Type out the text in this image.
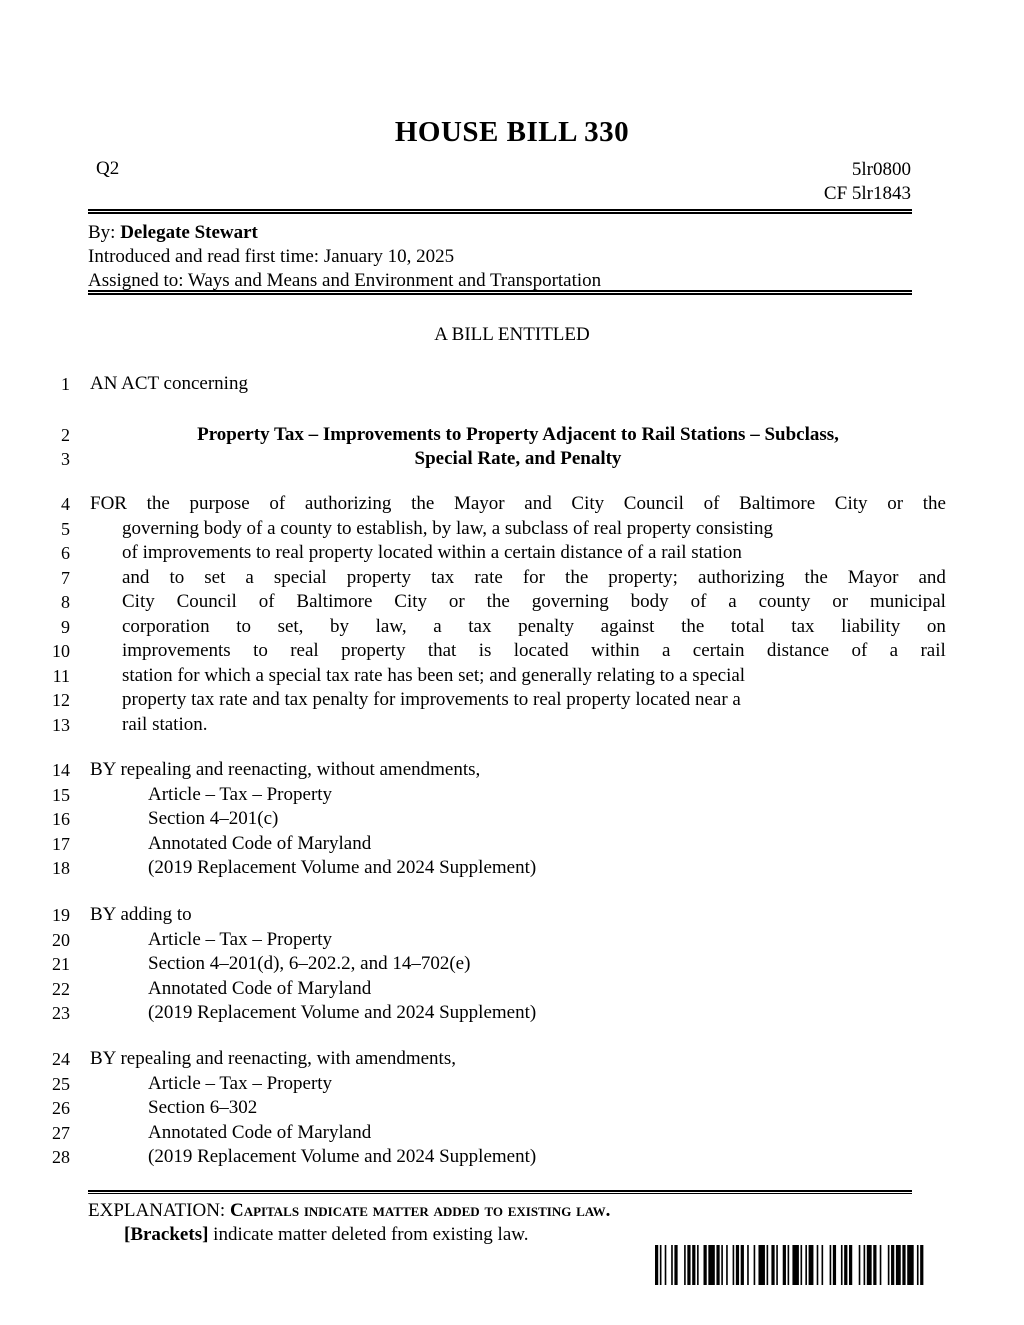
HOUSE BILL 330
Q2	5lr0800
CF 5lr1843
By: Delegate Stewart
Introduced and read first time: January 10, 2025
Assigned to: Ways and Means and Environment and Transportation
A BILL ENTITLED
1 AN ACT concerning
2	Property Tax – Improvements to Property Adjacent to Rail Stations – Subclass,
3	Special Rate, and Penalty
4 FOR the purpose of authorizing the Mayor and City Council of Baltimore City or the
5	governing body of a county to establish, by law, a subclass of real property consisting
6	of improvements to real property located within a certain distance of a rail station
7	and to set a special property tax rate for the property; authorizing the Mayor and
8	City Council of Baltimore City or the governing body of a county or municipal
9	corporation to set, by law, a tax penalty against the total tax liability on
10	improvements to real property that is located within a certain distance of a rail
11	station for which a special tax rate has been set; and generally relating to a special
12	property tax rate and tax penalty for improvements to real property located near a
13	rail station.
14 BY repealing and reenacting, without amendments,
15	Article – Tax – Property
16	Section 4–201(c)
17	Annotated Code of Maryland
18	(2019 Replacement Volume and 2024 Supplement)
19 BY adding to
20	Article – Tax – Property
21	Section 4–201(d), 6–202.2, and 14–702(e)
22	Annotated Code of Maryland
23	(2019 Replacement Volume and 2024 Supplement)
24 BY repealing and reenacting, with amendments,
25	Article – Tax – Property
26	Section 6–302
27	Annotated Code of Maryland
28	(2019 Replacement Volume and 2024 Supplement)
EXPLANATION: Capitals indicate matter added to existing law.
[Brackets] indicate matter deleted from existing law.
